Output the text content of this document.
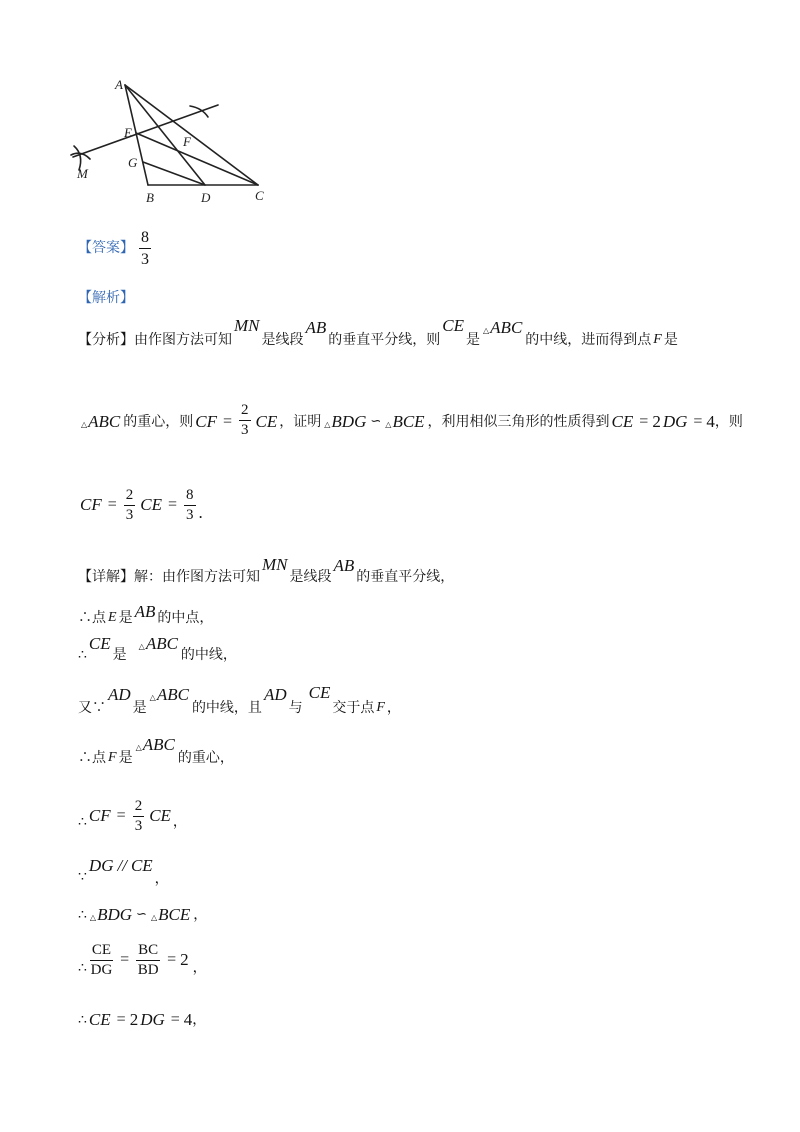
A
E
F
G
M
B	D	C
【答案】 $\frac{8}{3}$
【解析】
【分析】 由作图方法可知
MN
是线段
AB
的垂直平分线，则
CE
是
△ ABC
的中线，进而得到点 F 是
△ ABC 的重心，则 CF = $\frac{2}{3}$ CE ，证明 △ BDG ∽ △ BCE ，利用相似三角形的性质得到 CE = 2 DG = 4 ，则
CF = $\frac{2}{3}$ CE = $\frac{8}{3}$ .
【详解】 解：由作图方法可知
MN
是线段
AB
的垂直平分线，
∴点 E 是 AB 的中点，
∴
CE
是
△ ABC
的中线，
又∵
AD
是
△ ABC
的中线，且
AD
与
CE
交于点 F ，
∴点 F 是
△ ABC
的重心，
∴ CF = $\frac{2}{3}$ CE ，
∵
DG // CE
，
∴ △ BDG ∽ △ BCE ，
∴ $\frac{CE}{DG} = \frac{BC}{BD} = 2$ ，
∴ CE = 2 DG = 4 ，
